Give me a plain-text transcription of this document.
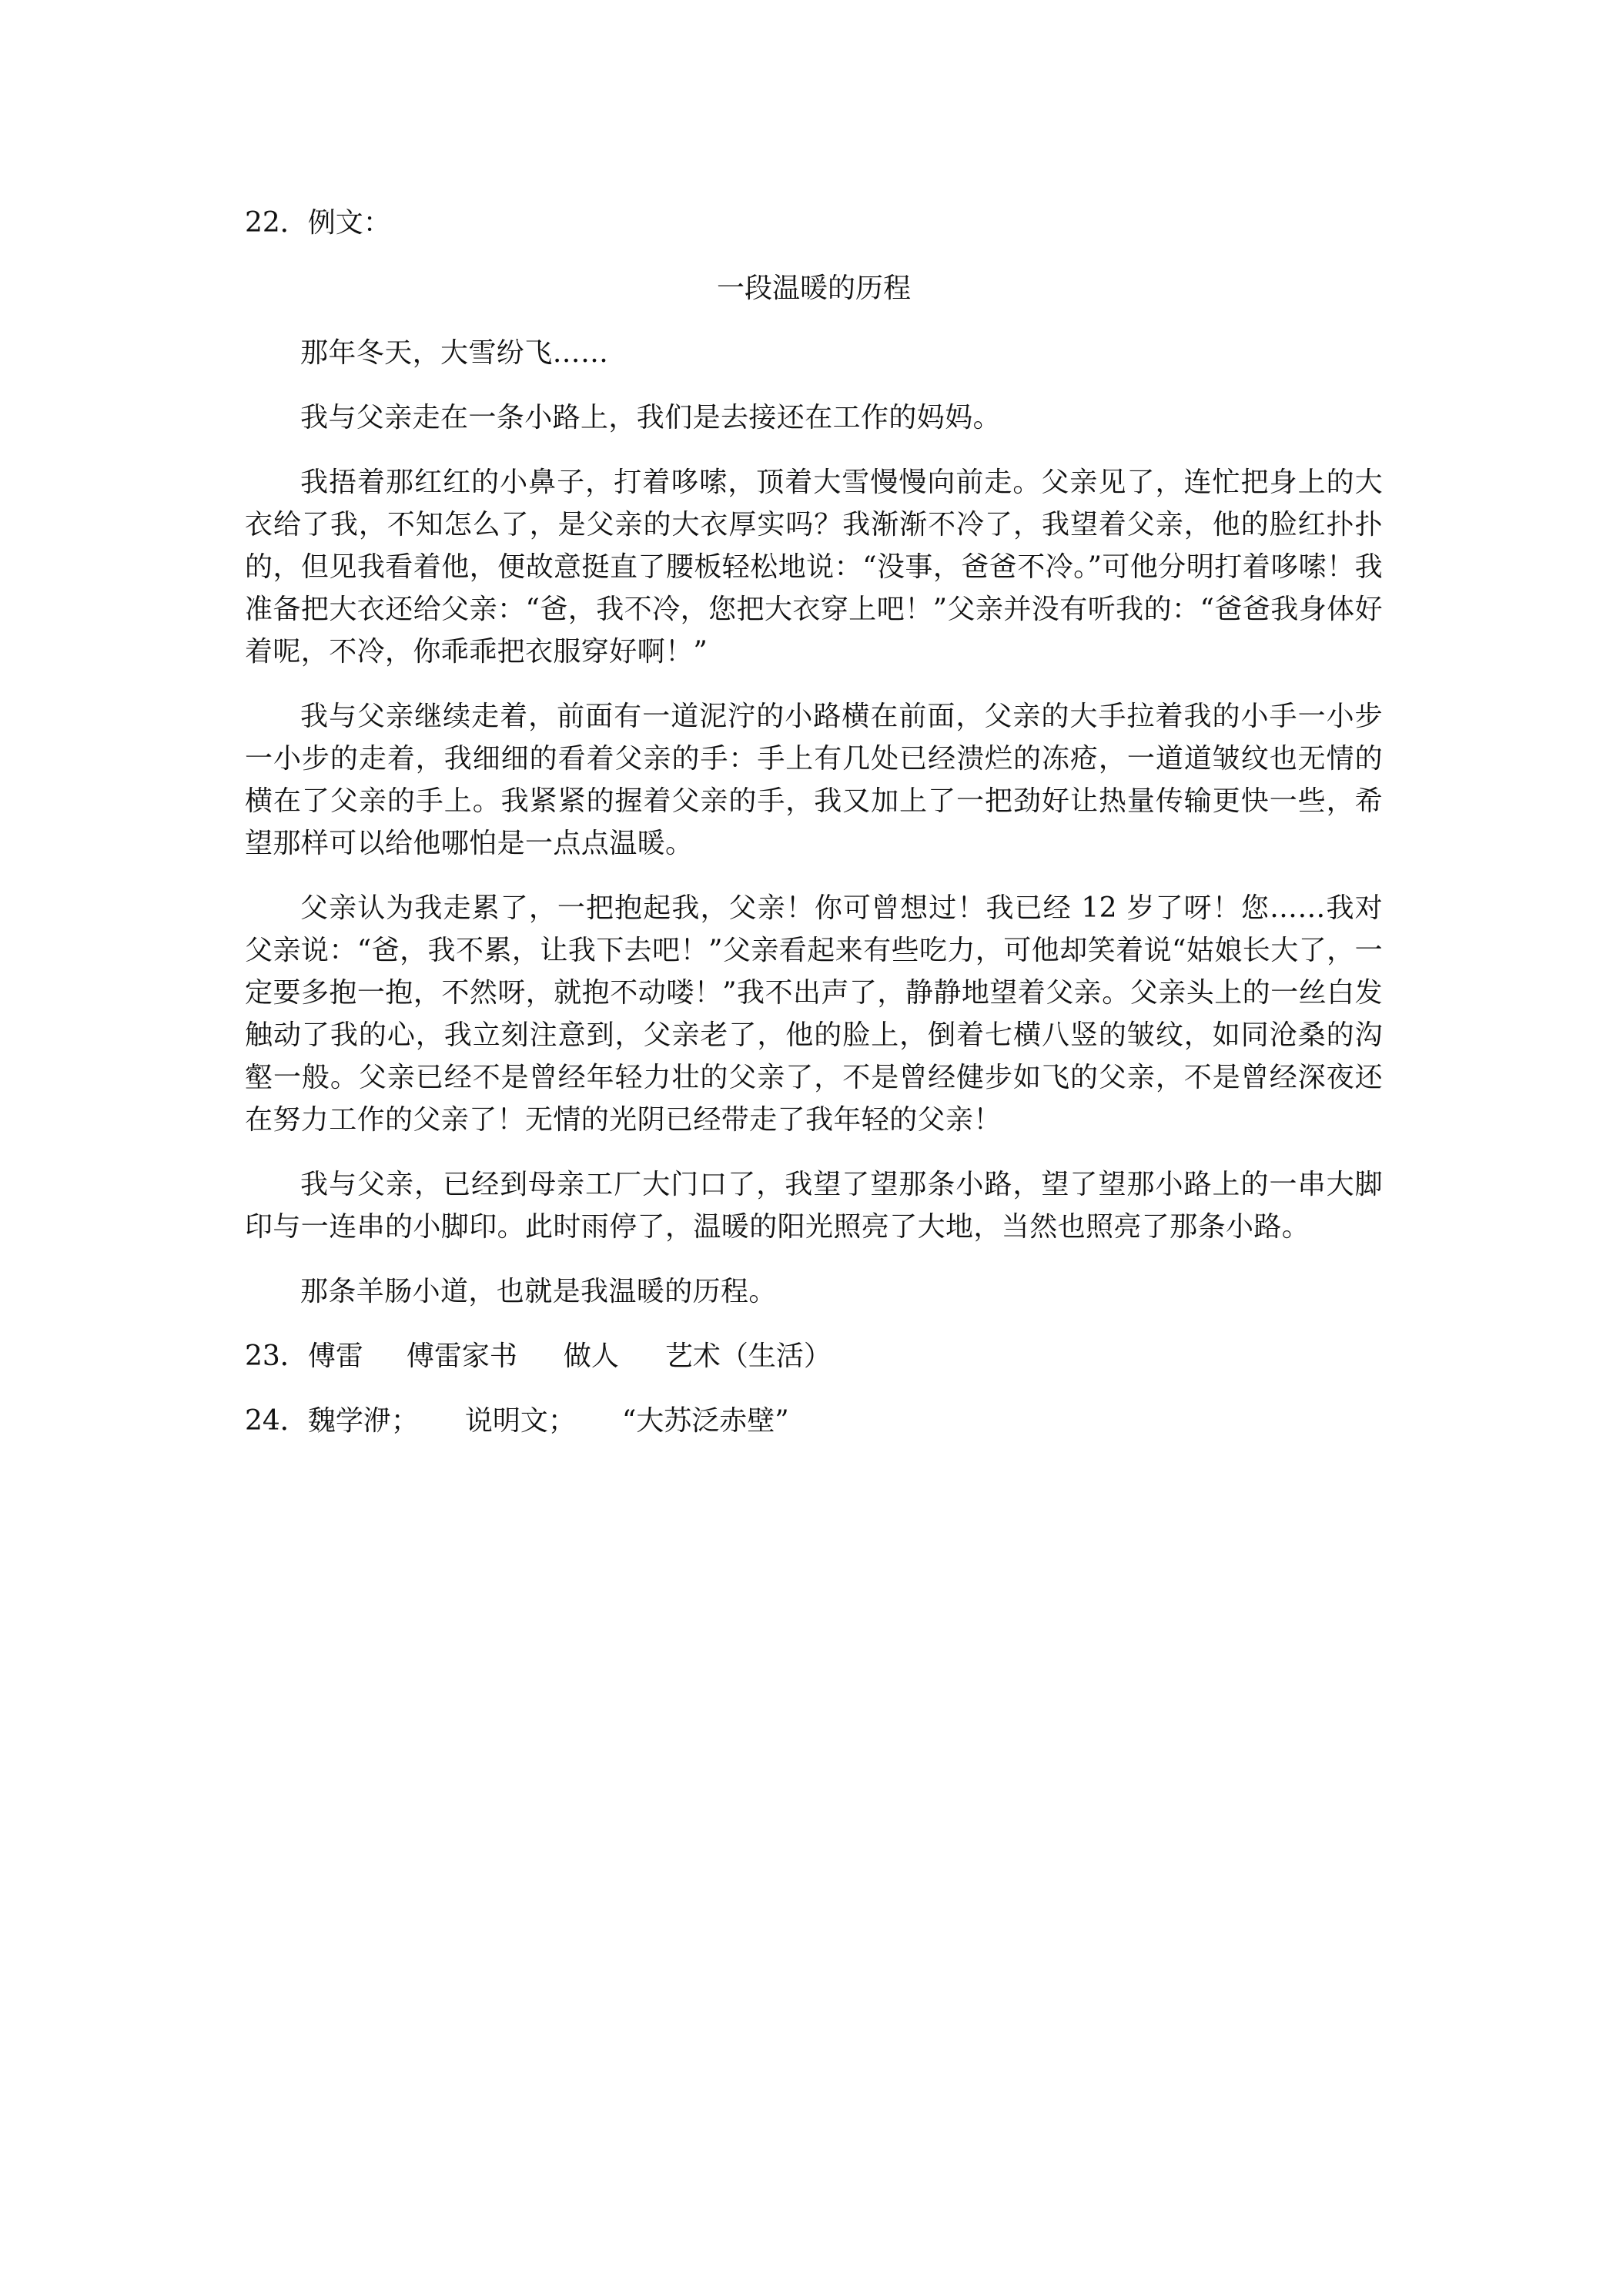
22．例文：

一段温暖的历程

那年冬天，大雪纷飞……

我与父亲走在一条小路上，我们是去接还在工作的妈妈。

我捂着那红红的小鼻子，打着哆嗦，顶着大雪慢慢向前走。父亲见了，连忙把身上的大衣给了我，不知怎么了，是父亲的大衣厚实吗？我渐渐不冷了，我望着父亲，他的脸红扑扑的，但见我看着他，便故意挺直了腰板轻松地说：“没事，爸爸不冷。”可他分明打着哆嗦！我准备把大衣还给父亲：“爸，我不冷，您把大衣穿上吧！”父亲并没有听我的：“爸爸我身体好着呢，不冷，你乖乖把衣服穿好啊！”

我与父亲继续走着，前面有一道泥泞的小路横在前面，父亲的大手拉着我的小手一小步一小步的走着，我细细的看着父亲的手：手上有几处已经溃烂的冻疮，一道道皱纹也无情的横在了父亲的手上。我紧紧的握着父亲的手，我又加上了一把劲好让热量传输更快一些，希望那样可以给他哪怕是一点点温暖。

父亲认为我走累了，一把抱起我，父亲！你可曾想过！我已经 12 岁了呀！您……我对父亲说：“爸，我不累，让我下去吧！”父亲看起来有些吃力，可他却笑着说“姑娘长大了，一定要多抱一抱，不然呀，就抱不动喽！”我不出声了，静静地望着父亲。父亲头上的一丝白发触动了我的心，我立刻注意到，父亲老了，他的脸上，倒着七横八竖的皱纹，如同沧桑的沟壑一般。父亲已经不是曾经年轻力壮的父亲了，不是曾经健步如飞的父亲，不是曾经深夜还在努力工作的父亲了！无情的光阴已经带走了我年轻的父亲！

我与父亲，已经到母亲工厂大门口了，我望了望那条小路，望了望那小路上的一串大脚印与一连串的小脚印。此时雨停了，温暖的阳光照亮了大地，当然也照亮了那条小路。

那条羊肠小道，也就是我温暖的历程。

23． 傅雷 傅雷家书 做人 艺术（生活）
24． 魏学洢； 说明文； “大苏泛赤壁”
